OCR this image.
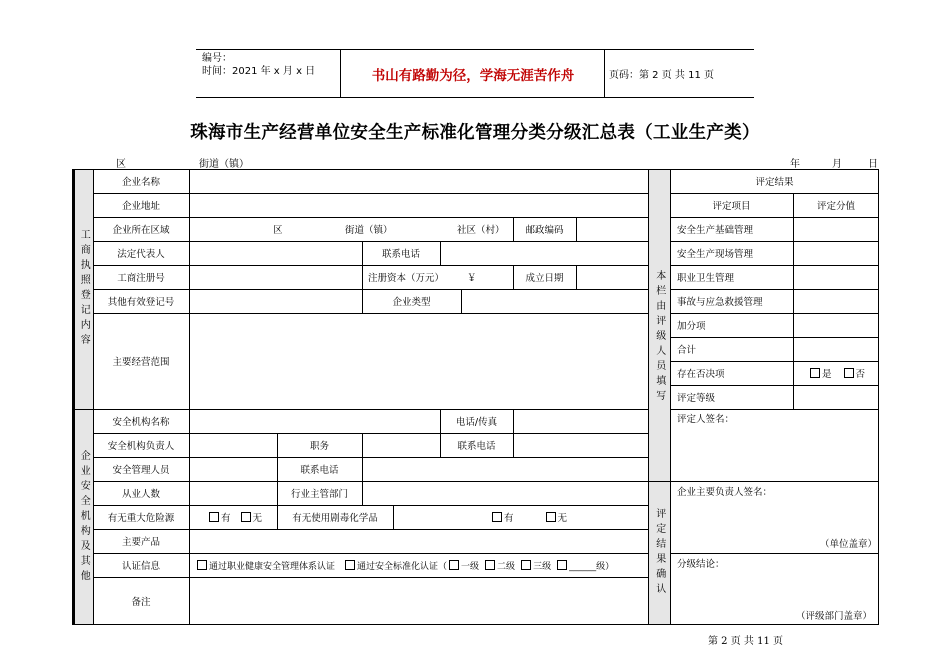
编号：
时间：2021 年 x 月 x 日	书山有路勤为径，学海无涯苦作舟	页码：第 2 页 共 11 页
珠海市生产经营单位安全生产标准化管理分类分级汇总表（工业生产类）
区	街道（镇）	年	月	日
工商执照登记内容
企业名称
企业地址
企业所在区域	区	街道（镇）	社区（村）	邮政编码
法定代表人	联系电话
工商注册号	注册资本（万元）	￥	成立日期
其他有效登记号	企业类型
主要经营范围
企业安全机构及其他
安全机构名称	电话/传真
安全机构负责人	职务	联系电话
安全管理人员	联系电话
从业人数	行业主管部门
有无重大危险源	有 无	有无使用剧毒化学品	有	无
主要产品
认证信息	通过职业健康安全管理体系认证 通过安全标准化认证（ 一级 二级 三级 ______级）
备注
本栏由评级人员填写
评定结果确认
评定结果
评定项目	评定分值
安全生产基础管理
安全生产现场管理
职业卫生管理
事故与应急救援管理
加分项
合计
存在否决项	是	否
评定等级
评定人签名：
企业主要负责人签名：
（单位盖章）
分级结论：
（评级部门盖章）
第 2 页 共 11 页
